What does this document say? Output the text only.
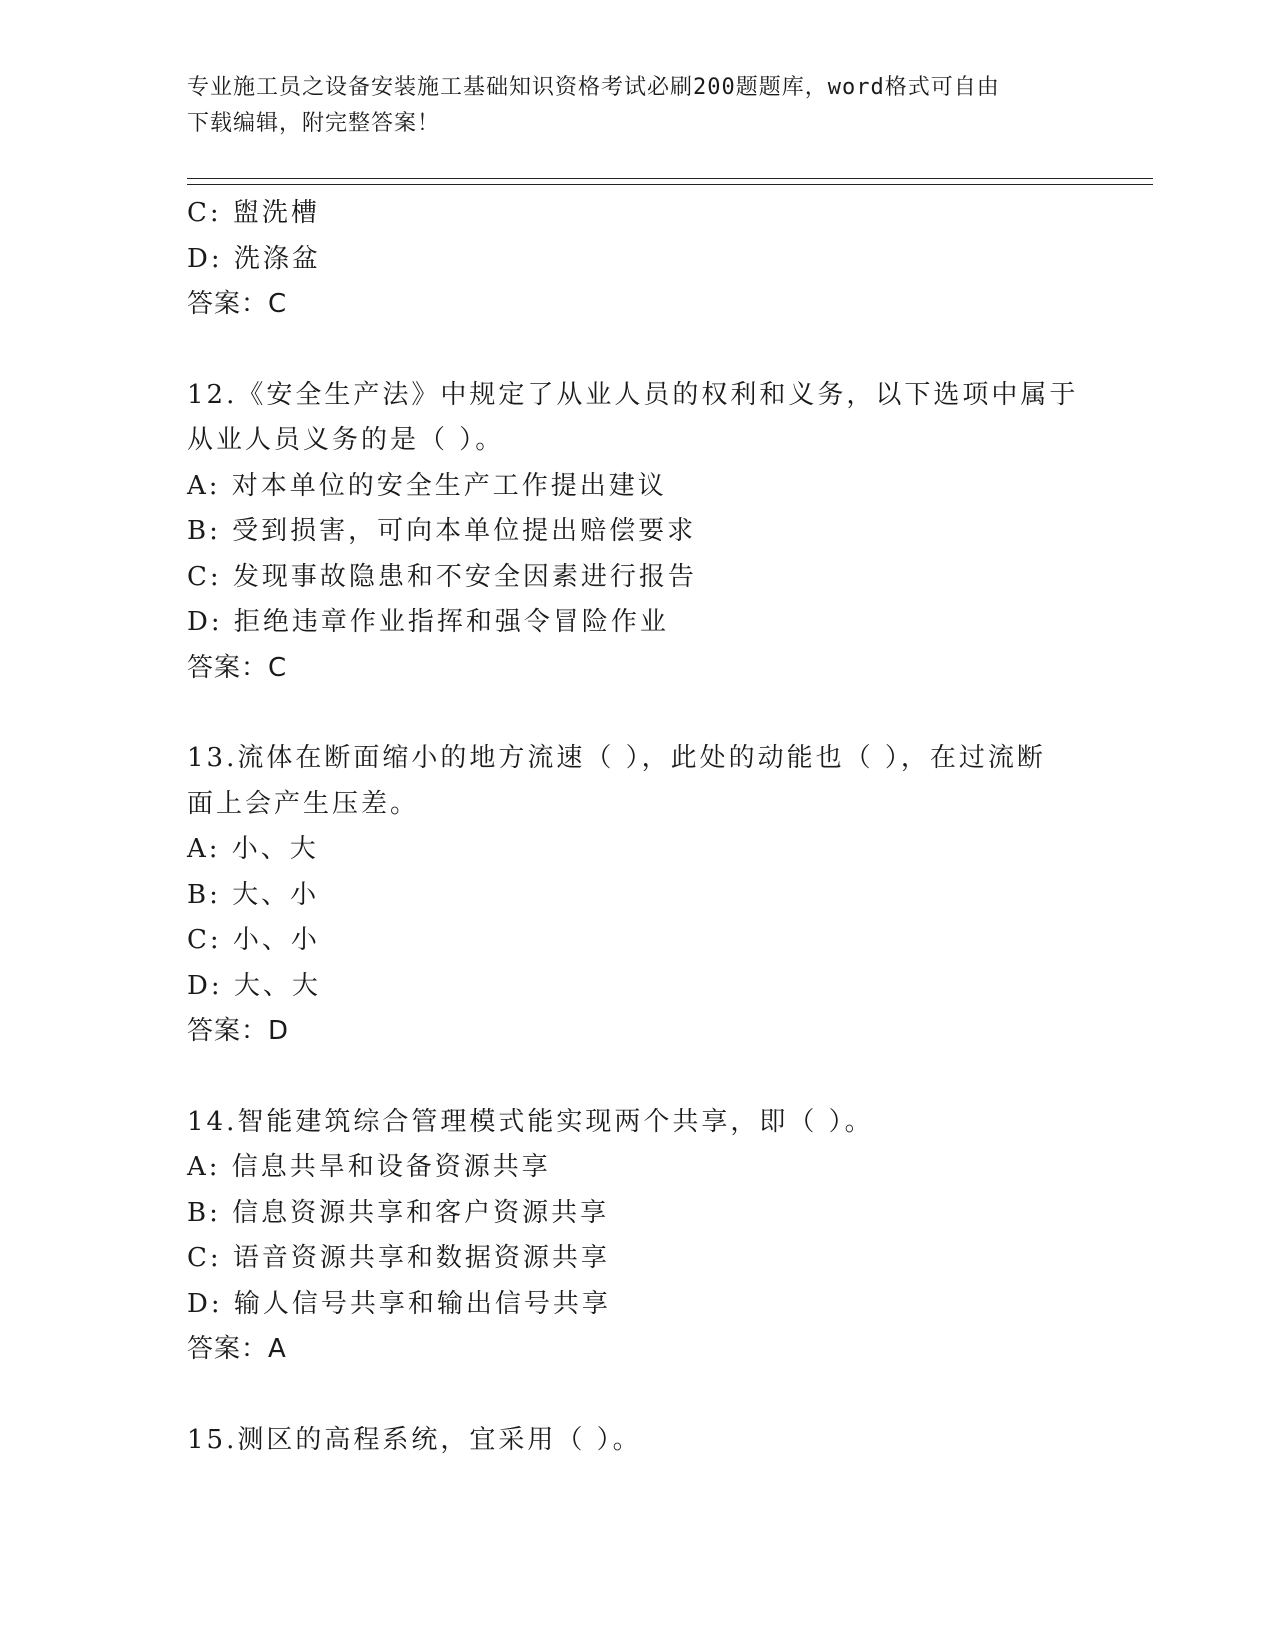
专业施工员之设备安装施工基础知识资格考试必刷200题题库，word格式可自由
下载编辑，附完整答案！
C: 盥洗槽
D: 洗涤盆
答案：C
12.《安全生产法》中规定了从业人员的权利和义务，以下选项中属于
从业人员义务的是（ ）。
A: 对本单位的安全生产工作提出建议
B: 受到损害，可向本单位提出赔偿要求
C: 发现事故隐患和不安全因素进行报告
D: 拒绝违章作业指挥和强令冒险作业
答案：C
13.流体在断面缩小的地方流速（ ），此处的动能也（ ），在过流断
面上会产生压差。
A: 小、大
B: 大、小
C: 小、小
D: 大、大
答案：D
14.智能建筑综合管理模式能实现两个共享，即（ ）。
A: 信息共旱和设备资源共享
B: 信息资源共享和客户资源共享
C: 语音资源共享和数据资源共享
D: 输人信号共享和输出信号共享
答案：A
15.测区的高程系统，宜采用（ ）。
